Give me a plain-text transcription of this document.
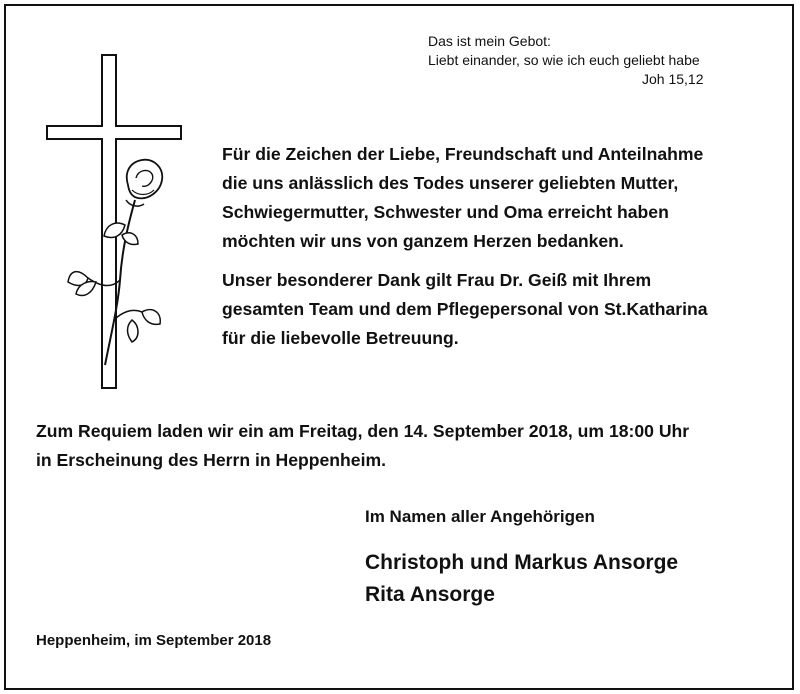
Das ist mein Gebot:
Liebt einander, so wie ich euch geliebt habe
Joh 15,12

Für die Zeichen der Liebe, Freundschaft und Anteilnahme
die uns anlässlich des Todes unserer geliebten Mutter,
Schwiegermutter, Schwester und Oma erreicht haben
möchten wir uns von ganzem Herzen bedanken.

Unser besonderer Dank gilt Frau Dr. Geiß mit Ihrem
gesamten Team und dem Pflegepersonal von St.Katharina
für die liebevolle Betreuung.

Zum Requiem laden wir ein am Freitag, den 14. September 2018, um 18:00 Uhr
in Erscheinung des Herrn in Heppenheim.
Im Namen aller Angehörigen
Christoph und Markus Ansorge
Rita Ansorge
Heppenheim, im September 2018
